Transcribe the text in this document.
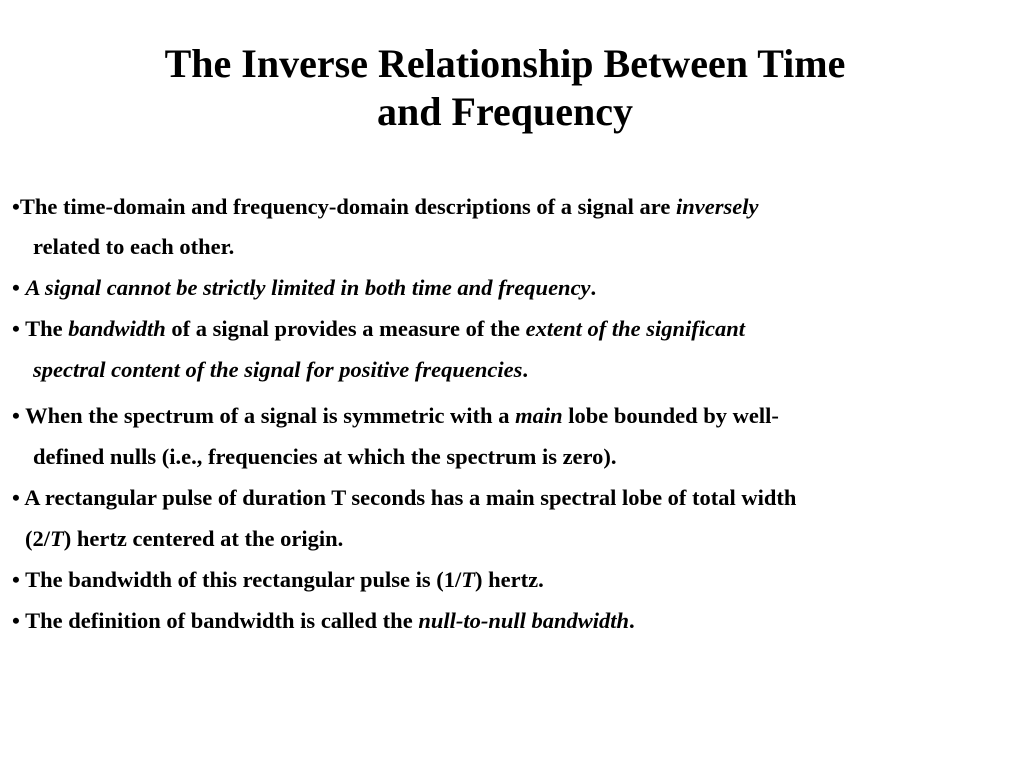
The Inverse Relationship Between Time
and Frequency
•The time-domain and frequency-domain descriptions of a signal are inversely
related to each other.
• A signal cannot be strictly limited in both time and frequency.
• The bandwidth of a signal provides a measure of the extent of the significant
spectral content of the signal for positive frequencies.
• When the spectrum of a signal is symmetric with a main lobe bounded by well-
defined nulls (i.e., frequencies at which the spectrum is zero).
• A rectangular pulse of duration T seconds has a main spectral lobe of total width
(2/T) hertz centered at the origin.
• The bandwidth of this rectangular pulse is (1/T) hertz.
• The definition of bandwidth is called the null-to-null bandwidth.
